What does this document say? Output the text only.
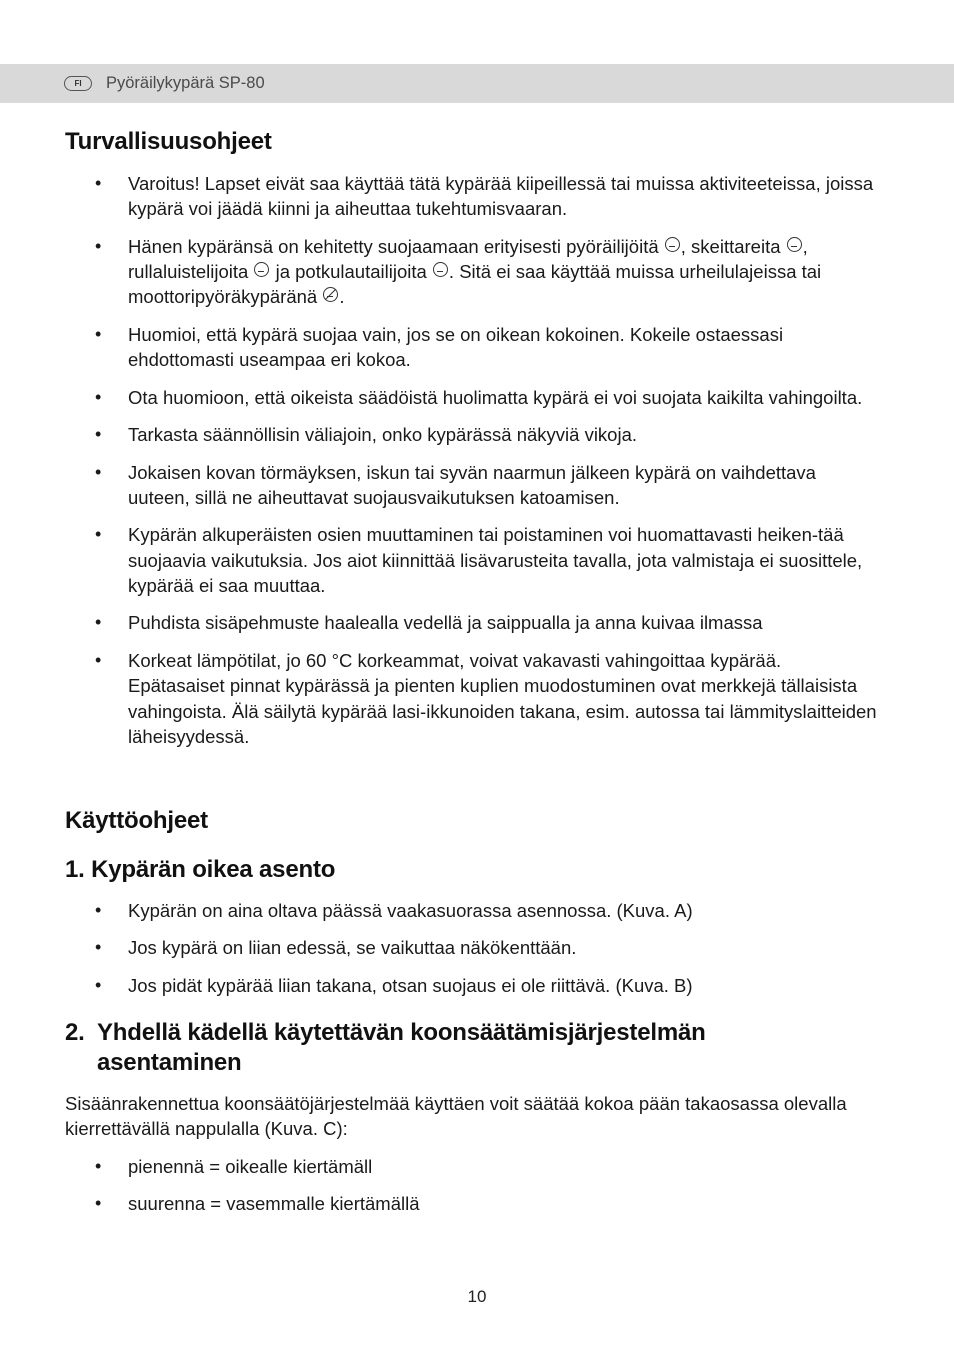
FI	Pyöräilykypärä SP-80
Turvallisuusohjeet
• Varoitus! Lapset eivät saa käyttää tätä kypärää kiipeillessä tai muissa aktiviteeteissa, joissa kypärä voi jäädä kiinni ja aiheuttaa tukehtumisvaaran.
• Hänen kypäränsä on kehitetty suojaamaan erityisesti pyöräilijöitä , skeittareita , rullaluistelijoita ja potkulautailijoita . Sitä ei saa käyttää muissa urheilulajeissa tai moottoripyöräkypäränä .
• Huomioi, että kypärä suojaa vain, jos se on oikean kokoinen. Kokeile ostaessasi ehdottomasti useampaa eri kokoa.
• Ota huomioon, että oikeista säädöistä huolimatta kypärä ei voi suojata kaikilta vahingoilta.
• Tarkasta säännöllisin väliajoin, onko kypärässä näkyviä vikoja.
• Jokaisen kovan törmäyksen, iskun tai syvän naarmun jälkeen kypärä on vaihdettava uuteen, sillä ne aiheuttavat suojausvaikutuksen katoamisen.
• Kypärän alkuperäisten osien muuttaminen tai poistaminen voi huomattavasti heiken-tää suojaavia vaikutuksia. Jos aiot kiinnittää lisävarusteita tavalla, jota valmistaja ei suosittele, kypärää ei saa muuttaa.
• Puhdista sisäpehmuste haalealla vedellä ja saippualla ja anna kuivaa ilmassa
• Korkeat lämpötilat, jo 60 °C korkeammat, voivat vakavasti vahingoittaa kypärää. Epätasaiset pinnat kypärässä ja pienten kuplien muodostuminen ovat merkkejä tällaisista vahingoista. Älä säilytä kypärää lasi-ikkunoiden takana, esim. autossa tai lämmityslaitteiden läheisyydessä.
Käyttöohjeet
1. Kypärän oikea asento
• Kypärän on aina oltava päässä vaakasuorassa asennossa. (Kuva. A)
• Jos kypärä on liian edessä, se vaikuttaa näkökenttään.
• Jos pidät kypärää liian takana, otsan suojaus ei ole riittävä. (Kuva. B)
2. Yhdellä kädellä käytettävän koonsäätämisjärjestelmän
asentaminen

Sisäänrakennettua koonsäätöjärjestelmää käyttäen voit säätää kokoa pään takaosassa olevalla kierrettävällä nappulalla (Kuva. C):

• pienennä = oikealle kiertämäll
• suurenna = vasemmalle kiertämällä
10
